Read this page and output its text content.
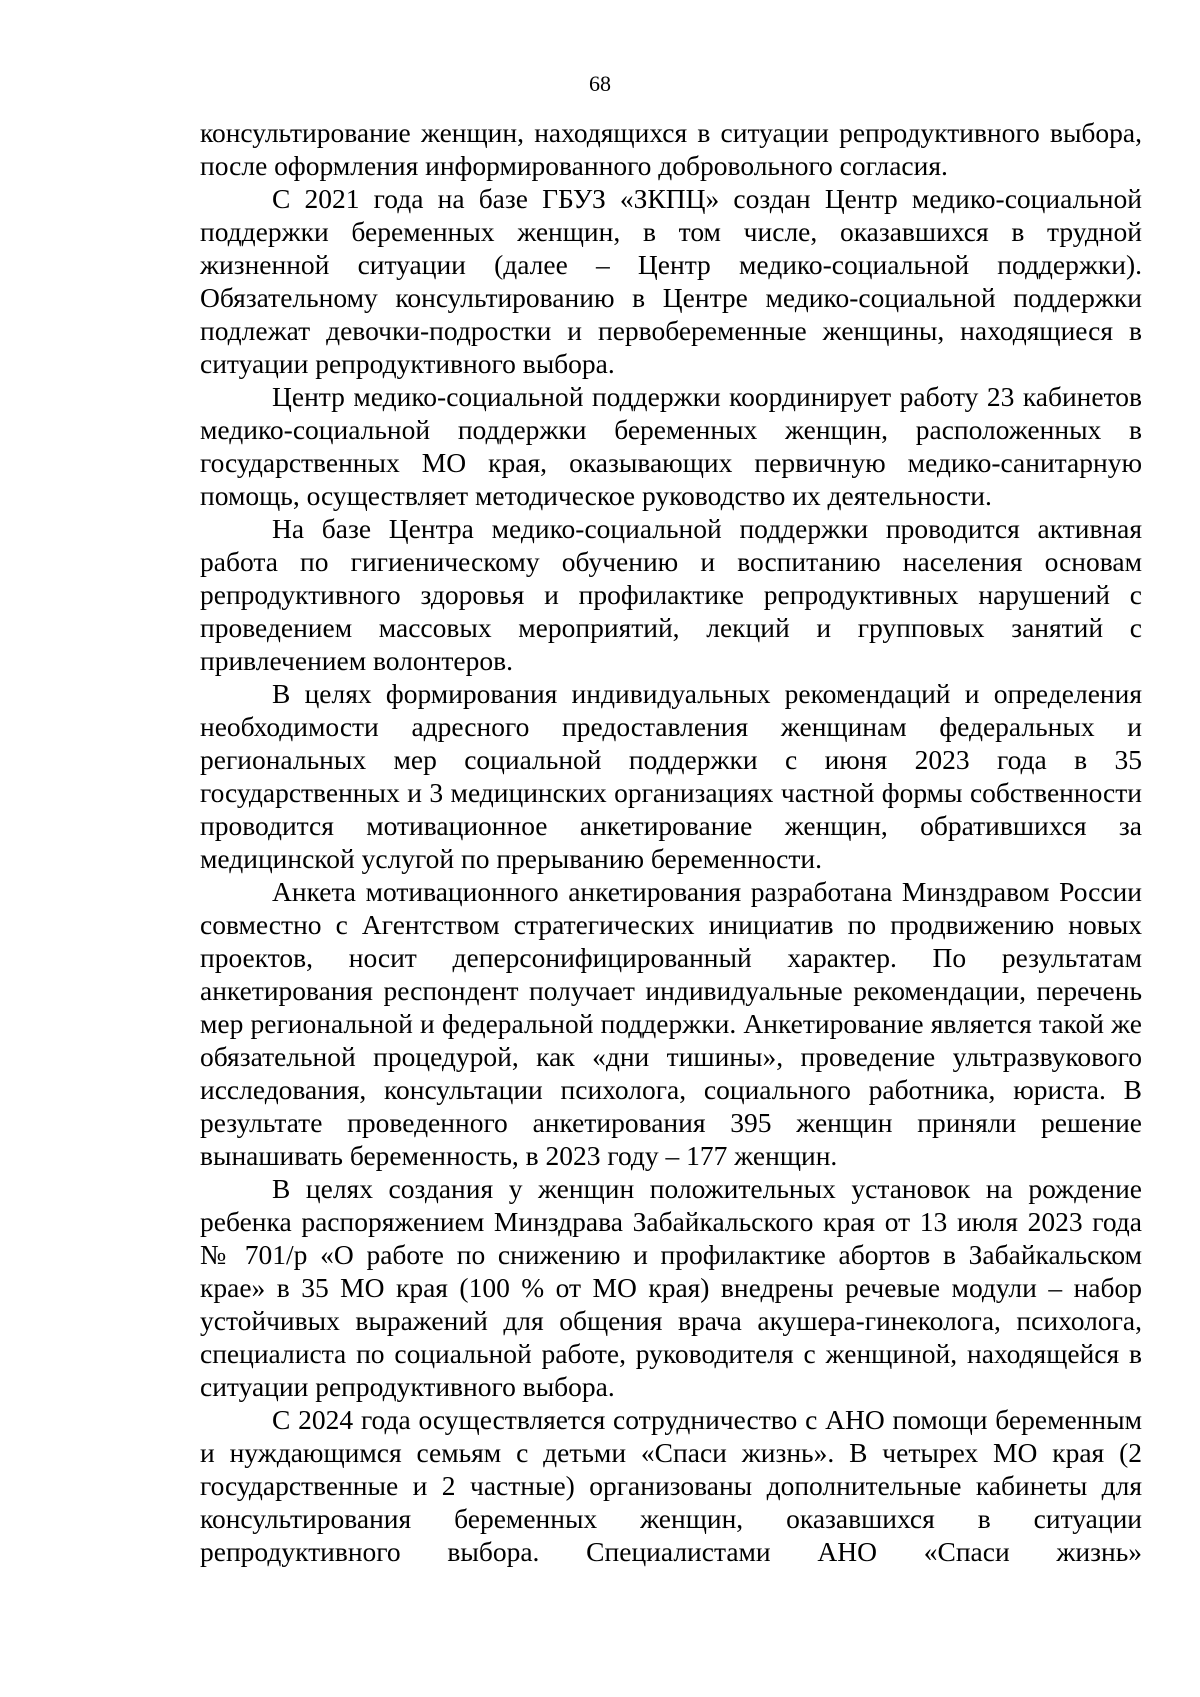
68

консультирование женщин, находящихся в ситуации репродуктивного выбора, после оформления информированного добровольного согласия.

С 2021 года на базе ГБУЗ «ЗКПЦ» создан Центр медико-социальной поддержки беременных женщин, в том числе, оказавшихся в трудной жизненной ситуации (далее – Центр медико-социальной поддержки). Обязательному консультированию в Центре медико-социальной поддержки подлежат девочки-подростки и первобеременные женщины, находящиеся в ситуации репродуктивного выбора.

Центр медико-социальной поддержки координирует работу 23 кабинетов медико-социальной поддержки беременных женщин, расположенных в государственных МО края, оказывающих первичную медико-санитарную помощь, осуществляет методическое руководство их деятельности.

На базе Центра медико-социальной поддержки проводится активная работа по гигиеническому обучению и воспитанию населения основам репродуктивного здоровья и профилактике репродуктивных нарушений с проведением массовых мероприятий, лекций и групповых занятий с привлечением волонтеров.

В целях формирования индивидуальных рекомендаций и определения необходимости адресного предоставления женщинам федеральных и региональных мер социальной поддержки с июня 2023 года в 35 государственных и 3 медицинских организациях частной формы собственности проводится мотивационное анкетирование женщин, обратившихся за медицинской услугой по прерыванию беременности.

Анкета мотивационного анкетирования разработана Минздравом России совместно с Агентством стратегических инициатив по продвижению новых проектов, носит деперсонифицированный характер. По результатам анкетирования респондент получает индивидуальные рекомендации, перечень мер региональной и федеральной поддержки. Анкетирование является такой же обязательной процедурой, как «дни тишины», проведение ультразвукового исследования, консультации психолога, социального работника, юриста. В результате проведенного анкетирования 395 женщин приняли решение вынашивать беременность, в 2023 году – 177 женщин.

В целях создания у женщин положительных установок на рождение ребенка распоряжением Минздрава Забайкальского края от 13 июля 2023 года № 701/р «О работе по снижению и профилактике абортов в Забайкальском крае» в 35 МО края (100 % от МО края) внедрены речевые модули – набор устойчивых выражений для общения врача акушера-гинеколога, психолога, специалиста по социальной работе, руководителя с женщиной, находящейся в ситуации репродуктивного выбора.

С 2024 года осуществляется сотрудничество с АНО помощи беременным и нуждающимся семьям с детьми «Спаси жизнь». В четырех МО края (2 государственные и 2 частные) организованы дополнительные кабинеты для консультирования беременных женщин, оказавшихся в ситуации репродуктивного выбора. Специалистами АНО «Спаси жизнь»
